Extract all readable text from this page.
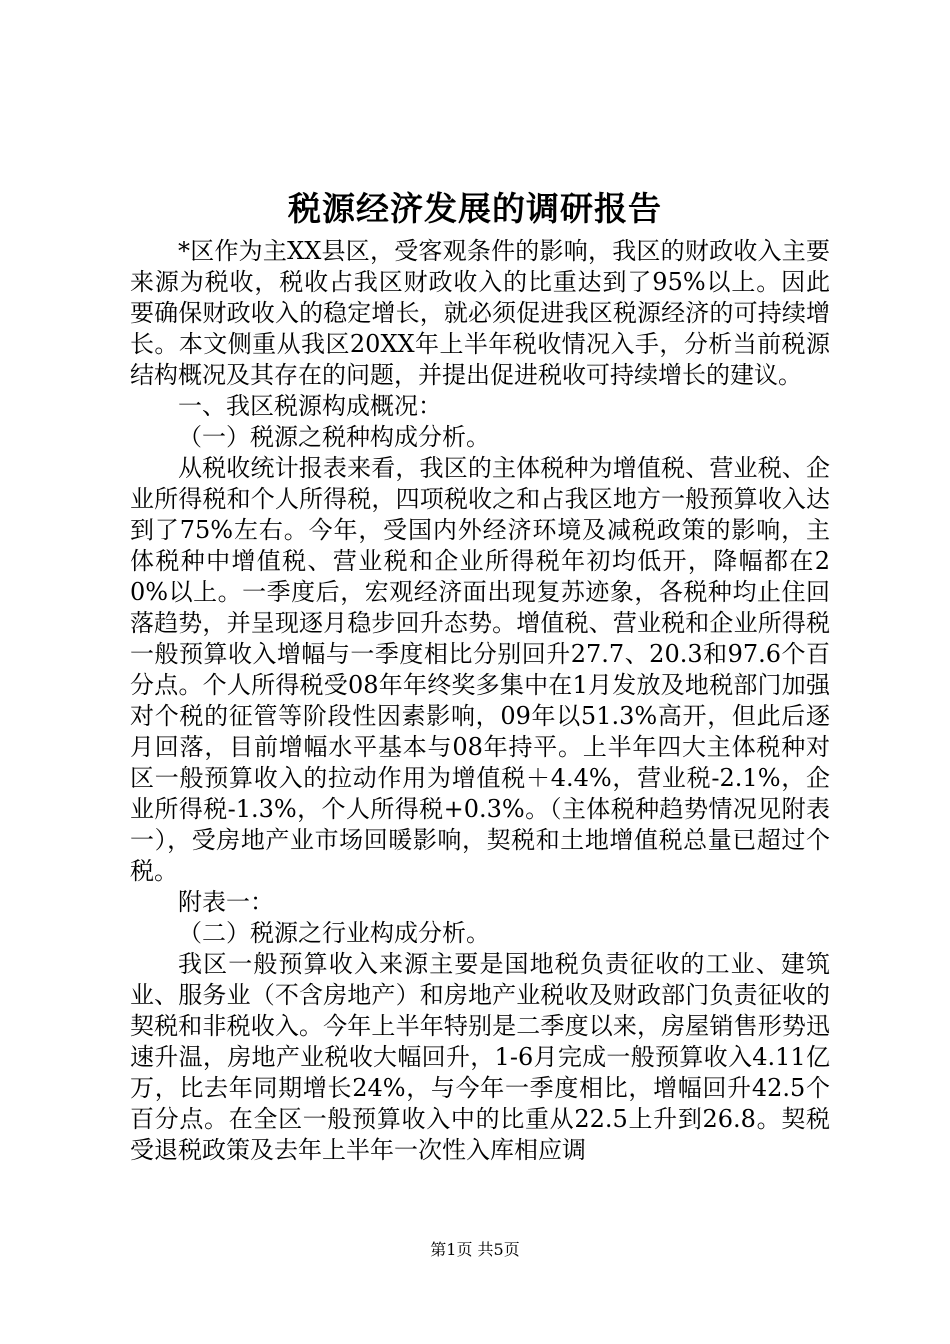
税源经济发展的调研报告

*区作为主XX县区，受客观条件的影响，我区的财政收入主要来源为税收，税收占我区财政收入的比重达到了95%以上。因此要确保财政收入的稳定增长，就必须促进我区税源经济的可持续增长。本文侧重从我区20XX年上半年税收情况入手，分析当前税源结构概况及其存在的问题，并提出促进税收可持续增长的建议。

一、我区税源构成概况：

（一）税源之税种构成分析。

从税收统计报表来看，我区的主体税种为增值税、营业税、企业所得税和个人所得税，四项税收之和占我区地方一般预算收入达到了75%左右。今年，受国内外经济环境及减税政策的影响，主体税种中增值税、营业税和企业所得税年初均低开，降幅都在20%以上。一季度后，宏观经济面出现复苏迹象，各税种均止住回落趋势，并呈现逐月稳步回升态势。增值税、营业税和企业所得税一般预算收入增幅与一季度相比分别回升27.7、20.3和97.6个百分点。个人所得税受08年年终奖多集中在1月发放及地税部门加强对个税的征管等阶段性因素影响，09年以51.3%高开，但此后逐月回落，目前增幅水平基本与08年持平。上半年四大主体税种对区一般预算收入的拉动作用为增值税＋4.4%，营业税-2.1%，企业所得税-1.3%，个人所得税+0.3%。（主体税种趋势情况见附表一），受房地产业市场回暖影响，契税和土地增值税总量已超过个税。

附表一：

（二）税源之行业构成分析。

我区一般预算收入来源主要是国地税负责征收的工业、建筑业、服务业（不含房地产）和房地产业税收及财政部门负责征收的契税和非税收入。今年上半年特别是二季度以来，房屋销售形势迅速升温，房地产业税收大幅回升，1-6月完成一般预算收入4.11亿万，比去年同期增长24%，与今年一季度相比，增幅回升42.5个百分点。在全区一般预算收入中的比重从22.5上升到26.8。契税受退税政策及去年上半年一次性入库相应调

第1页 共5页
